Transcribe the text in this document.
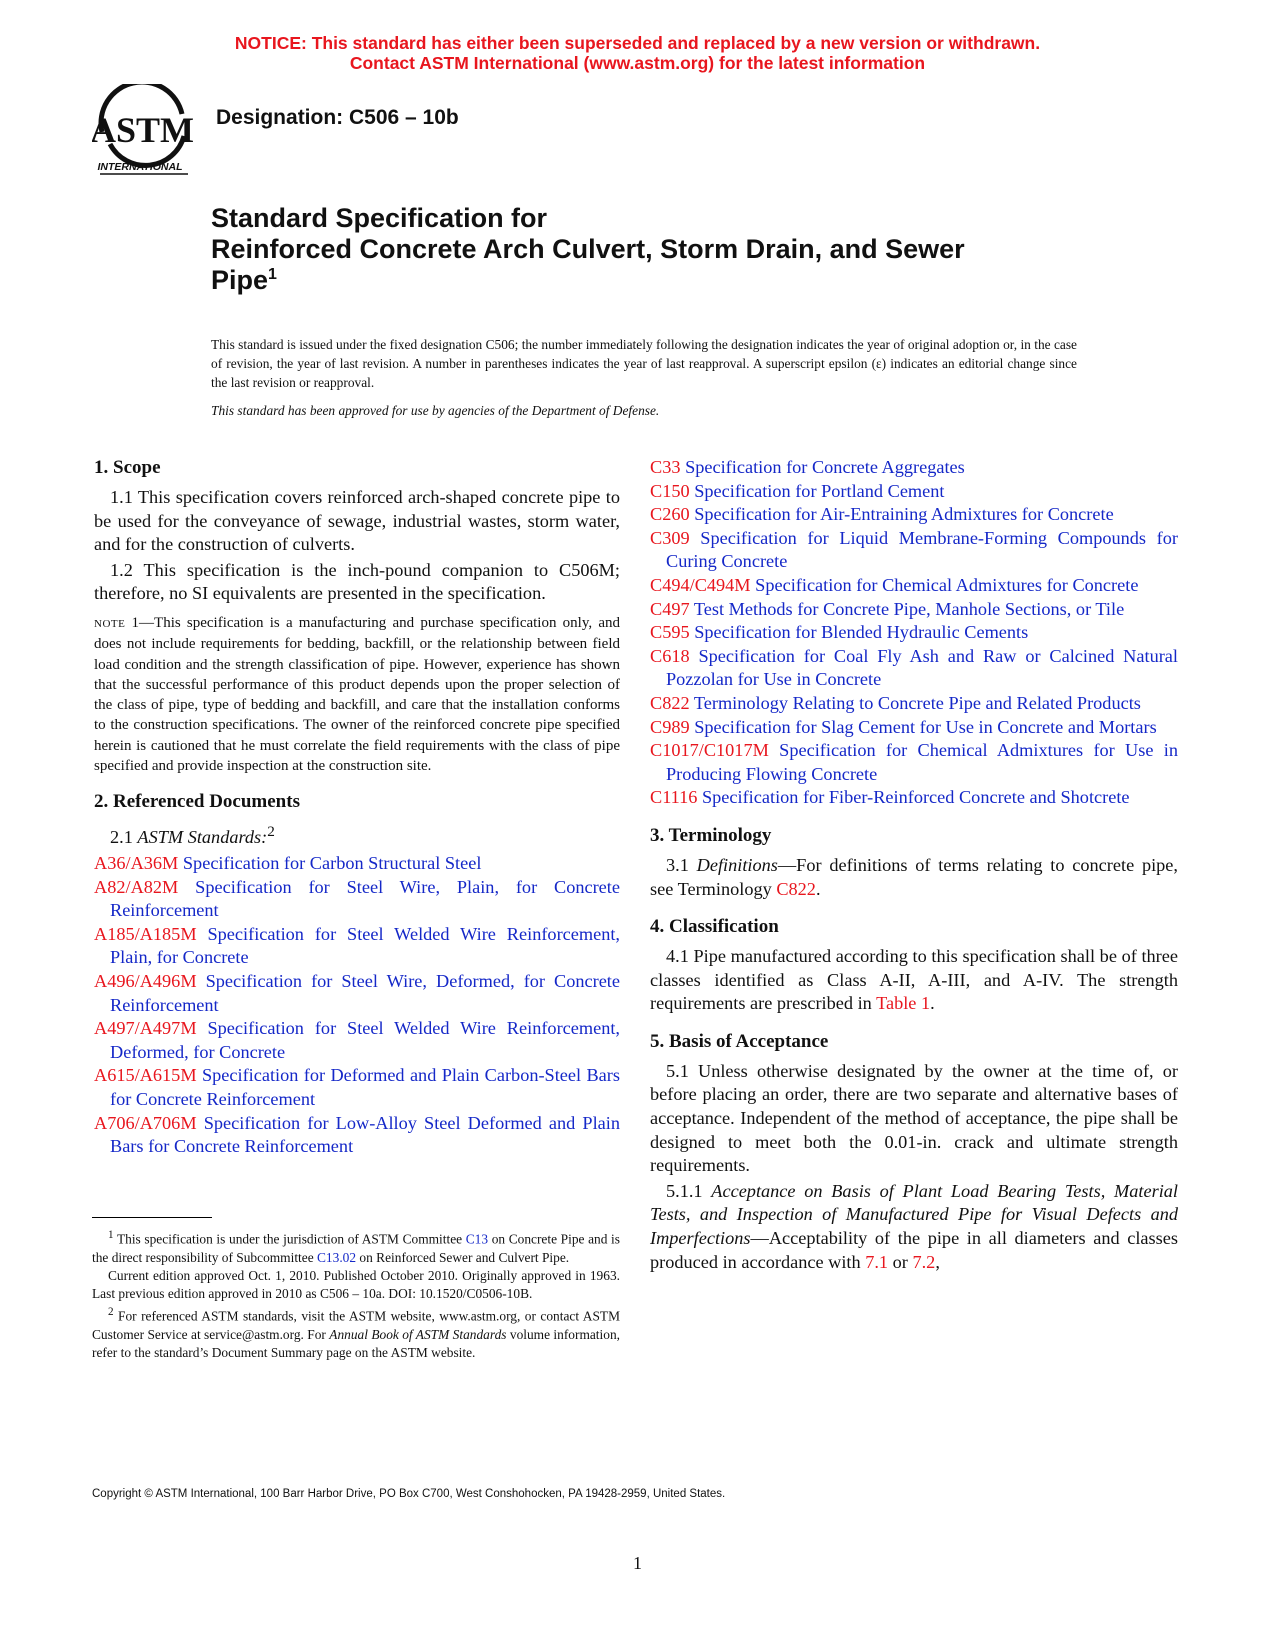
NOTICE: This standard has either been superseded and replaced by a new version or withdrawn.
Contact ASTM International (www.astm.org) for the latest information
ASTM
INTERNATIONAL
Designation: C506 – 10b
Standard Specification for
Reinforced Concrete Arch Culvert, Storm Drain, and Sewer
Pipe$^1$
This standard is issued under the fixed designation C506; the number immediately following the designation indicates the year of original adoption or, in the case of revision, the year of last revision. A number in parentheses indicates the year of last reapproval. A superscript epsilon (ε) indicates an editorial change since the last revision or reapproval.
This standard has been approved for use by agencies of the Department of Defense.
1. Scope

1.1 This specification covers reinforced arch-shaped concrete pipe to be used for the conveyance of sewage, industrial wastes, storm water, and for the construction of culverts.

1.2 This specification is the inch-pound companion to C506M; therefore, no SI equivalents are presented in the specification.

NOTE 1—This specification is a manufacturing and purchase specification only, and does not include requirements for bedding, backfill, or the relationship between field load condition and the strength classification of pipe. However, experience has shown that the successful performance of this product depends upon the proper selection of the class of pipe, type of bedding and backfill, and care that the installation conforms to the construction specifications. The owner of the reinforced concrete pipe specified herein is cautioned that he must correlate the field requirements with the class of pipe specified and provide inspection at the construction site.

2. Referenced Documents

2.1 ASTM Standards:$^2$

A36/A36M Specification for Carbon Structural Steel

A82/A82M Specification for Steel Wire, Plain, for Concrete Reinforcement

A185/A185M Specification for Steel Welded Wire Reinforcement, Plain, for Concrete

A496/A496M Specification for Steel Wire, Deformed, for Concrete Reinforcement

A497/A497M Specification for Steel Welded Wire Reinforcement, Deformed, for Concrete

A615/A615M Specification for Deformed and Plain Carbon-Steel Bars for Concrete Reinforcement

A706/A706M Specification for Low-Alloy Steel Deformed and Plain Bars for Concrete Reinforcement

C33 Specification for Concrete Aggregates

C150 Specification for Portland Cement

C260 Specification for Air-Entraining Admixtures for Concrete

C309 Specification for Liquid Membrane-Forming Compounds for Curing Concrete

C494/C494M Specification for Chemical Admixtures for Concrete

C497 Test Methods for Concrete Pipe, Manhole Sections, or Tile

C595 Specification for Blended Hydraulic Cements

C618 Specification for Coal Fly Ash and Raw or Calcined Natural Pozzolan for Use in Concrete

C822 Terminology Relating to Concrete Pipe and Related Products

C989 Specification for Slag Cement for Use in Concrete and Mortars

C1017/C1017M Specification for Chemical Admixtures for Use in Producing Flowing Concrete

C1116 Specification for Fiber-Reinforced Concrete and Shotcrete

3. Terminology

3.1 Definitions—For definitions of terms relating to concrete pipe, see Terminology C822.

4. Classification

4.1 Pipe manufactured according to this specification shall be of three classes identified as Class A-II, A-III, and A-IV. The strength requirements are prescribed in Table 1.

5. Basis of Acceptance

5.1 Unless otherwise designated by the owner at the time of, or before placing an order, there are two separate and alternative bases of acceptance. Independent of the method of acceptance, the pipe shall be designed to meet both the 0.01-in. crack and ultimate strength requirements.

5.1.1 Acceptance on Basis of Plant Load Bearing Tests, Material Tests, and Inspection of Manufactured Pipe for Visual Defects and Imperfections—Acceptability of the pipe in all diameters and classes produced in accordance with 7.1 or 7.2,

$^1$ This specification is under the jurisdiction of ASTM Committee C13 on Concrete Pipe and is the direct responsibility of Subcommittee C13.02 on Reinforced Sewer and Culvert Pipe.

Current edition approved Oct. 1, 2010. Published October 2010. Originally approved in 1963. Last previous edition approved in 2010 as C506 – 10a. DOI: 10.1520/C0506-10B.

$^2$ For referenced ASTM standards, visit the ASTM website, www.astm.org, or contact ASTM Customer Service at service@astm.org. For Annual Book of ASTM Standards volume information, refer to the standard’s Document Summary page on the ASTM website.

Copyright © ASTM International, 100 Barr Harbor Drive, PO Box C700, West Conshohocken, PA 19428-2959, United States.
1
